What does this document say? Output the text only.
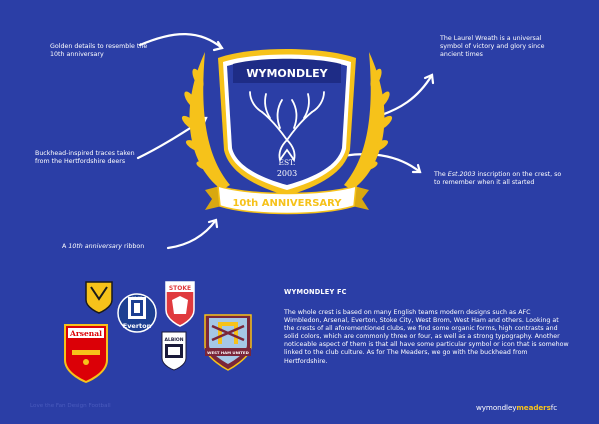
WYMONDLEY
EST.
2003
10th ANNIVERSARY
Everton
18 78
STOKE
ALBION
Arsenal
WEST HAM UNITED
Golden details to resemble the 10th anniversary
The Laurel Wreath is a universal symbol of victory and glory since ancient times
Buckhead-inspired traces taken from the Hertfordshire deers
The Est.2003 inscription on the crest, so to remember when it all started
A 10th anniversary ribbon
WYMONDLEY FC
The whole crest is based on many English teams modern designs such as AFC Wimbledon, Arsenal, Everton, Stoke City, West Brom, West Ham and others. Looking at the crests of all aforementioned clubs, we find some organic forms, high contrasts and solid colors, which are commonly three or four, as well as a strong typography. Another noticeable aspect of them is that all have some particular symbol or icon that is somehow linked to the club culture. As for The Meaders, we go with the buckhead from Hertfordshire.
Love the Fan Design Football	wymondleymeadersfc
